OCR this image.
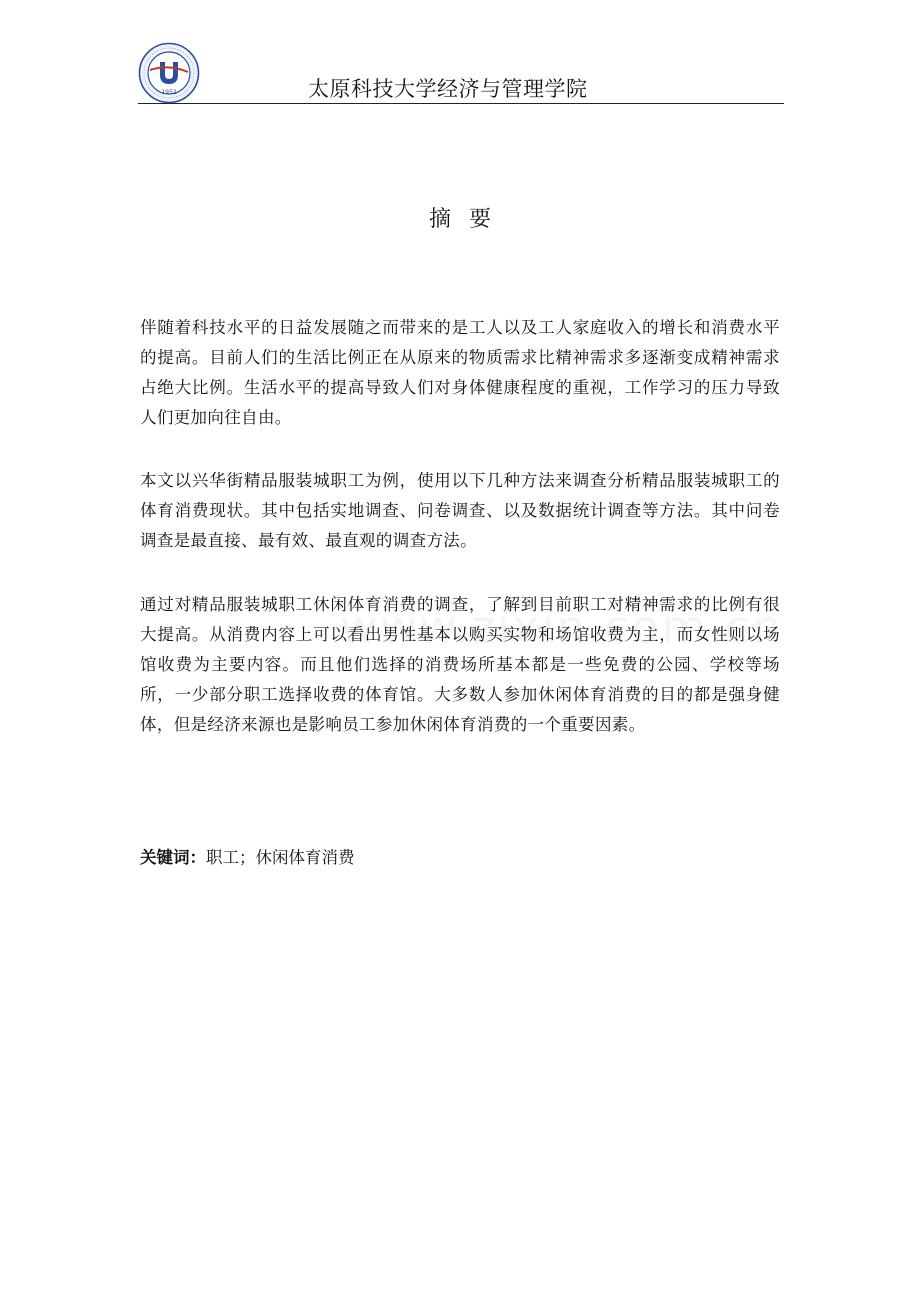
1952	太原科技大学经济与管理学院
摘要

伴随着科技水平的日益发展随之而带来的是工人以及工人家庭收入的增长和消费水平的提高。目前人们的生活比例正在从原来的物质需求比精神需求多逐渐变成精神需求占绝大比例。生活水平的提高导致人们对身体健康程度的重视，工作学习的压力导致人们更加向往自由。

本文以兴华街精品服装城职工为例，使用以下几种方法来调查分析精品服装城职工的体育消费现状。其中包括实地调查、问卷调查、以及数据统计调查等方法。其中问卷调查是最直接、最有效、最直观的调查方法。

通过对精品服装城职工休闲体育消费的调查，了解到目前职工对精神需求的比例有很大提高。从消费内容上可以看出男性基本以购买实物和场馆收费为主，而女性则以场馆收费为主要内容。而且他们选择的消费场所基本都是一些免费的公园、学校等场所，一少部分职工选择收费的体育馆。大多数人参加休闲体育消费的目的都是强身健体，但是经济来源也是影响员工参加休闲体育消费的一个重要因素。

关键词：职工；休闲体育消费
